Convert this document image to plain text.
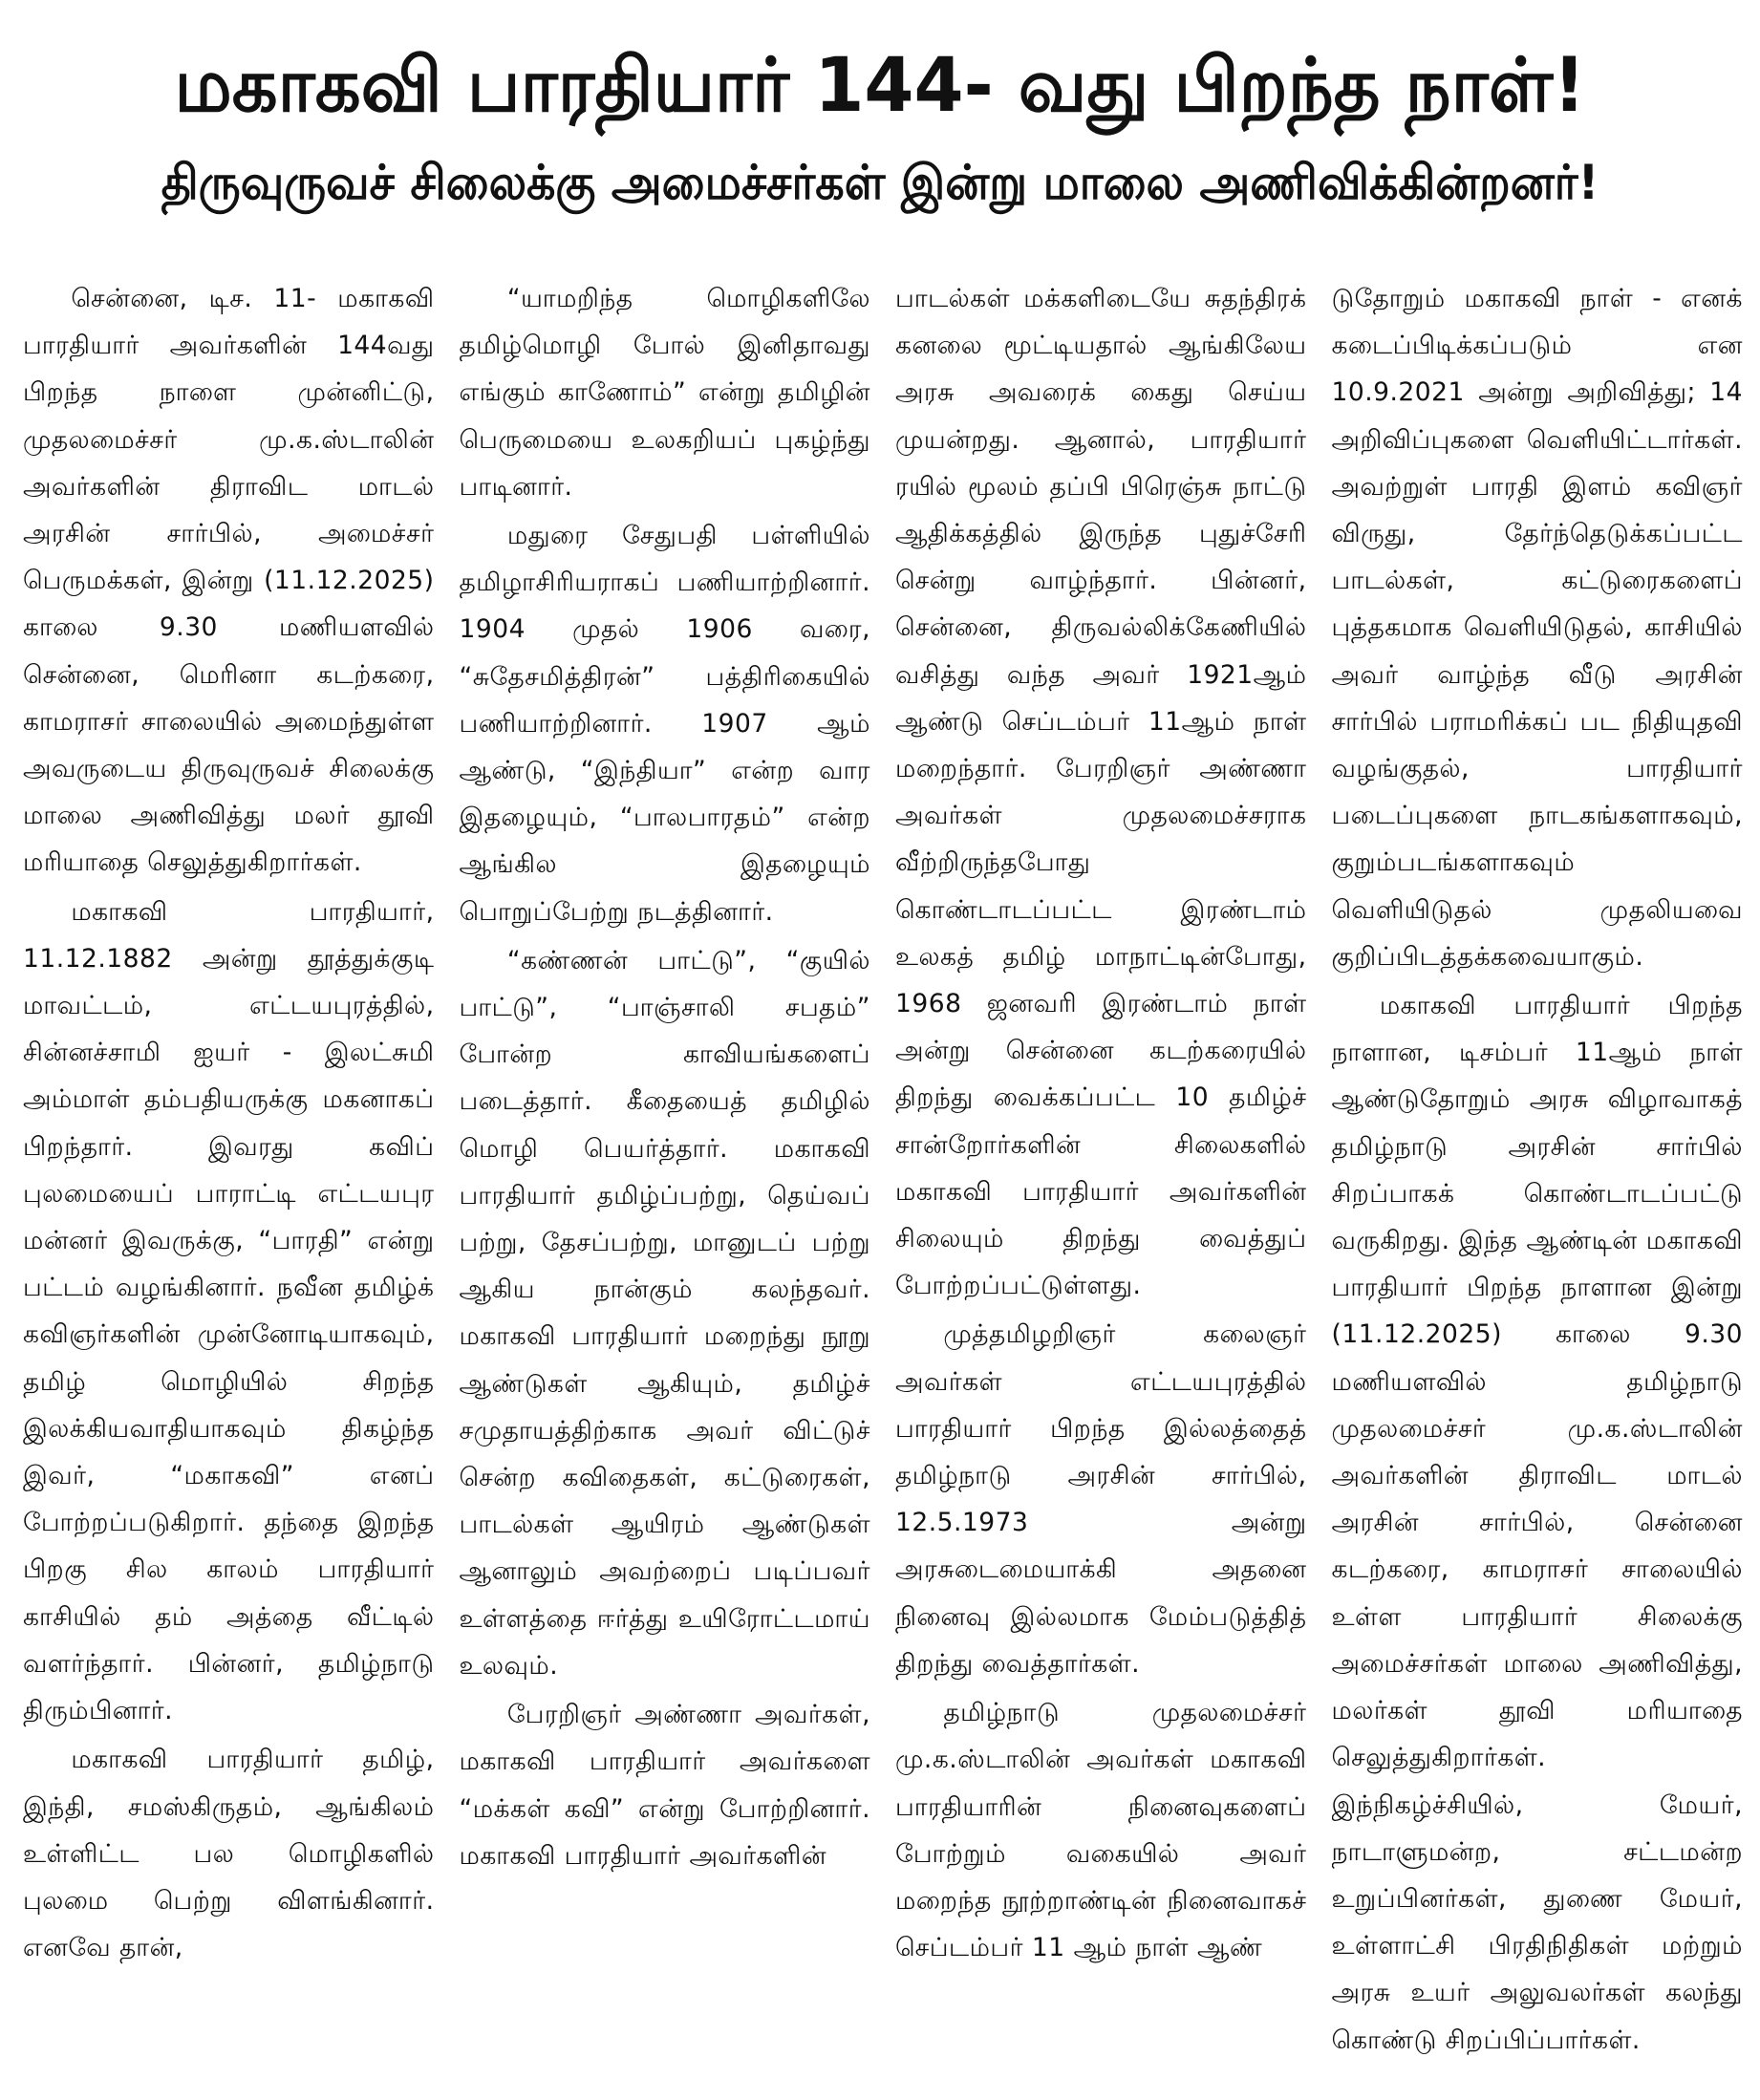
மகாகவி பாரதியார் 144- வது பிறந்த நாள்!
திருவுருவச் சிலைக்கு அமைச்சர்கள் இன்று மாலை அணிவிக்கின்றனர்!

சென்னை, டிச. 11- மகாகவி பாரதியார் அவர்களின் 144வது பிறந்த நாளை முன்னிட்டு, முதலமைச்சர் மு.க.ஸ்டாலின் அவர்களின் திராவிட மாடல் அரசின் சார்பில், அமைச்சர் பெருமக்கள், இன்று (11.12.2025) காலை 9.30 மணியளவில் சென்னை, மெரினா கடற்கரை, காமராசர் சாலையில் அமைந்துள்ள அவருடைய திருவுருவச் சிலைக்கு மாலை அணிவித்து மலர் தூவி மரியாதை செலுத்துகிறார்கள்.

மகாகவி பாரதியார், 11.12.1882 அன்று தூத்துக்குடி மாவட்டம், எட்டயபுரத்தில், சின்னச்சாமி ஐயர் - இலட்சுமி அம்மாள் தம்பதியருக்கு மகனாகப் பிறந்தார். இவரது கவிப் புலமையைப் பாராட்டி எட்டயபுர மன்னர் இவருக்கு, “பாரதி” என்று பட்டம் வழங்கினார். நவீன தமிழ்க் கவிஞர்களின் முன்னோடியாகவும், தமிழ் மொழியில் சிறந்த இலக்கியவாதியாகவும் திகழ்ந்த இவர், “மகாகவி” எனப் போற்றப்படுகிறார். தந்தை இறந்த பிறகு சில காலம் பாரதியார் காசியில் தம் அத்தை வீட்டில் வளர்ந்தார். பின்னர், தமிழ்நாடு திரும்பினார்.

மகாகவி பாரதியார் தமிழ், இந்தி, சமஸ்கிருதம், ஆங்கிலம் உள்ளிட்ட பல மொழிகளில் புலமை பெற்று விளங்கினார். எனவே தான்,

“யாமறிந்த மொழிகளிலே தமிழ்மொழி போல் இனிதாவது எங்கும் காணோம்” என்று தமிழின் பெருமையை உலகறியப் புகழ்ந்து பாடினார்.

மதுரை சேதுபதி பள்ளியில் தமிழாசிரியராகப் பணியாற்றினார். 1904 முதல் 1906 வரை, “சுதேசமித்திரன்” பத்திரிகையில் பணியாற்றினார். 1907 ஆம் ஆண்டு, “இந்தியா” என்ற வார இதழையும், “பாலபாரதம்” என்ற ஆங்கில இதழையும் பொறுப்பேற்று நடத்தினார்.

“கண்ணன் பாட்டு”, “குயில் பாட்டு”, “பாஞ்சாலி சபதம்” போன்ற காவியங்களைப் படைத்தார். கீதையைத் தமிழில் மொழி பெயர்த்தார். மகாகவி பாரதியார் தமிழ்ப்பற்று, தெய்வப் பற்று, தேசப்பற்று, மானுடப் பற்று ஆகிய நான்கும் கலந்தவர். மகாகவி பாரதியார் மறைந்து நூறு ஆண்டுகள் ஆகியும், தமிழ்ச் சமுதாயத்திற்காக அவர் விட்டுச் சென்ற கவிதைகள், கட்டுரைகள், பாடல்கள் ஆயிரம் ஆண்டுகள் ஆனாலும் அவற்றைப் படிப்பவர் உள்ளத்தை ஈர்த்து உயிரோட்டமாய் உலவும்.

பேரறிஞர் அண்ணா அவர்கள், மகாகவி பாரதியார் அவர்களை “மக்கள் கவி” என்று போற்றினார். மகாகவி பாரதியார் அவர்களின்

பாடல்கள் மக்களிடையே சுதந்திரக் கனலை மூட்டியதால் ஆங்கிலேய அரசு அவரைக் கைது செய்ய முயன்றது. ஆனால், பாரதியார் ரயில் மூலம் தப்பி பிரெஞ்சு நாட்டு ஆதிக்கத்தில் இருந்த புதுச்சேரி சென்று வாழ்ந்தார். பின்னர், சென்னை, திருவல்லிக்கேணியில் வசித்து வந்த அவர் 1921ஆம் ஆண்டு செப்டம்பர் 11ஆம் நாள் மறைந்தார். பேரறிஞர் அண்ணா அவர்கள் முதலமைச்சராக வீற்றிருந்தபோது கொண்டாடப்பட்ட இரண்டாம் உலகத் தமிழ் மாநாட்டின்போது, 1968 ஜனவரி இரண்டாம் நாள் அன்று சென்னை கடற்கரையில் திறந்து வைக்கப்பட்ட 10 தமிழ்ச் சான்றோர்களின் சிலைகளில் மகாகவி பாரதியார் அவர்களின் சிலையும் திறந்து வைத்துப் போற்றப்பட்டுள்ளது.

முத்தமிழறிஞர் கலைஞர் அவர்கள் எட்டயபுரத்தில் பாரதியார் பிறந்த இல்லத்தைத் தமிழ்நாடு அரசின் சார்பில், 12.5.1973 அன்று அரசுடைமையாக்கி அதனை நினைவு இல்லமாக மேம்படுத்தித் திறந்து வைத்தார்கள்.

தமிழ்நாடு முதலமைச்சர் மு.க.ஸ்டாலின் அவர்கள் மகாகவி பாரதியாரின் நினைவுகளைப் போற்றும் வகையில் அவர் மறைந்த நூற்றாண்டின் நினைவாகச் செப்டம்பர் 11 ஆம் நாள் ஆண்

டுதோறும் மகாகவி நாள் - எனக் கடைப்பிடிக்கப்படும் என 10.9.2021 அன்று அறிவித்து; 14 அறிவிப்புகளை வெளியிட்டார்கள். அவற்றுள் பாரதி இளம் கவிஞர் விருது, தேர்ந்தெடுக்கப்பட்ட பாடல்கள், கட்டுரைகளைப் புத்தகமாக வெளியிடுதல், காசியில் அவர் வாழ்ந்த வீடு அரசின் சார்பில் பராமரிக்கப் பட நிதியுதவி வழங்குதல், பாரதியார் படைப்புகளை நாடகங்களாகவும், குறும்படங்களாகவும் வெளியிடுதல் முதலியவை குறிப்பிடத்தக்கவையாகும்.

மகாகவி பாரதியார் பிறந்த நாளான, டிசம்பர் 11ஆம் நாள் ஆண்டுதோறும் அரசு விழாவாகத் தமிழ்நாடு அரசின் சார்பில் சிறப்பாகக் கொண்டாடப்பட்டு வருகிறது. இந்த ஆண்டின் மகாகவி பாரதியார் பிறந்த நாளான இன்று (11.12.2025) காலை 9.30 மணியளவில் தமிழ்நாடு முதலமைச்சர் மு.க.ஸ்டாலின் அவர்களின் திராவிட மாடல் அரசின் சார்பில், சென்னை கடற்கரை, காமராசர் சாலையில் உள்ள பாரதியார் சிலைக்கு அமைச்சர்கள் மாலை அணிவித்து, மலர்கள் தூவி மரியாதை செலுத்துகிறார்கள். இந்நிகழ்ச்சியில், மேயர், நாடாளுமன்ற, சட்டமன்ற உறுப்பினர்கள், துணை மேயர், உள்ளாட்சி பிரதிநிதிகள் மற்றும் அரசு உயர் அலுவலர்கள் கலந்து கொண்டு சிறப்பிப்பார்கள்.
